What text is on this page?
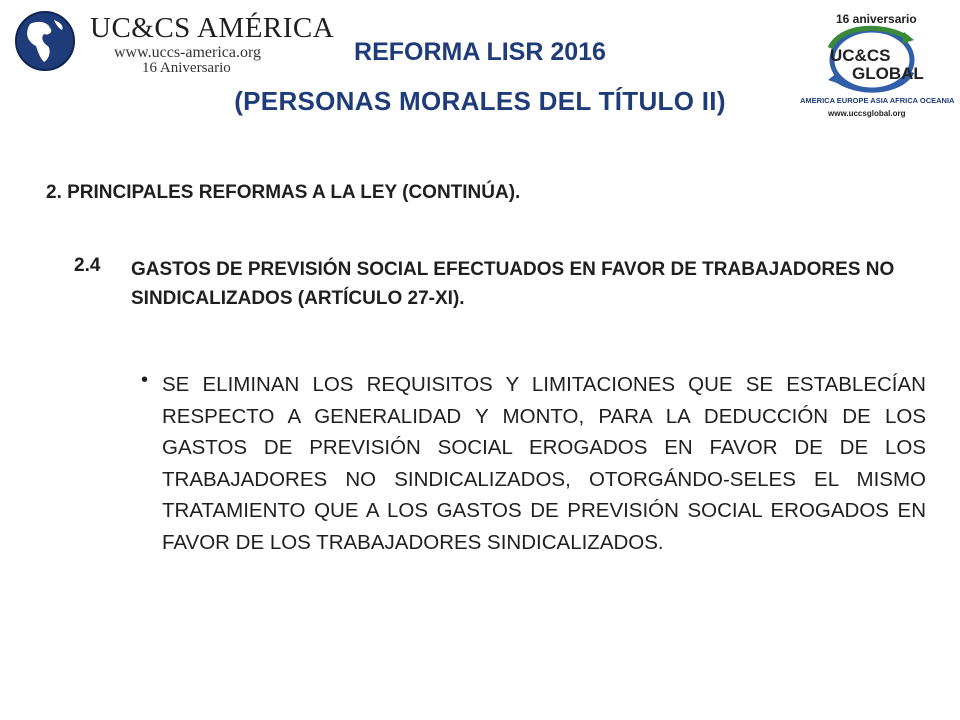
UC&CS AMÉRICA
www.uccs-america.org
16 Aniversario
REFORMA LISR 2016
(PERSONAS MORALES DEL TÍTULO II)
16 aniversario
UC&CS
GLOBAL
AMERICA EUROPE ASIA AFRICA OCEANIA
www.uccsglobal.org
2. PRINCIPALES REFORMAS A LA LEY (CONTINÚA).
2.4 GASTOS DE PREVISIÓN SOCIAL EFECTUADOS EN FAVOR DE TRABAJADORES NO SINDICALIZADOS (ARTÍCULO 27-XI).
• SE ELIMINAN LOS REQUISITOS Y LIMITACIONES QUE SE ESTABLECÍAN RESPECTO A GENERALIDAD Y MONTO, PARA LA DEDUCCIÓN DE LOS GASTOS DE PREVISIÓN SOCIAL EROGADOS EN FAVOR DE DE LOS TRABAJADORES NO SINDICALIZADOS, OTORGÁNDO-SELES EL MISMO TRATAMIENTO QUE A LOS GASTOS DE PREVISIÓN SOCIAL EROGADOS EN FAVOR DE LOS TRABAJADORES SINDICALIZADOS.
